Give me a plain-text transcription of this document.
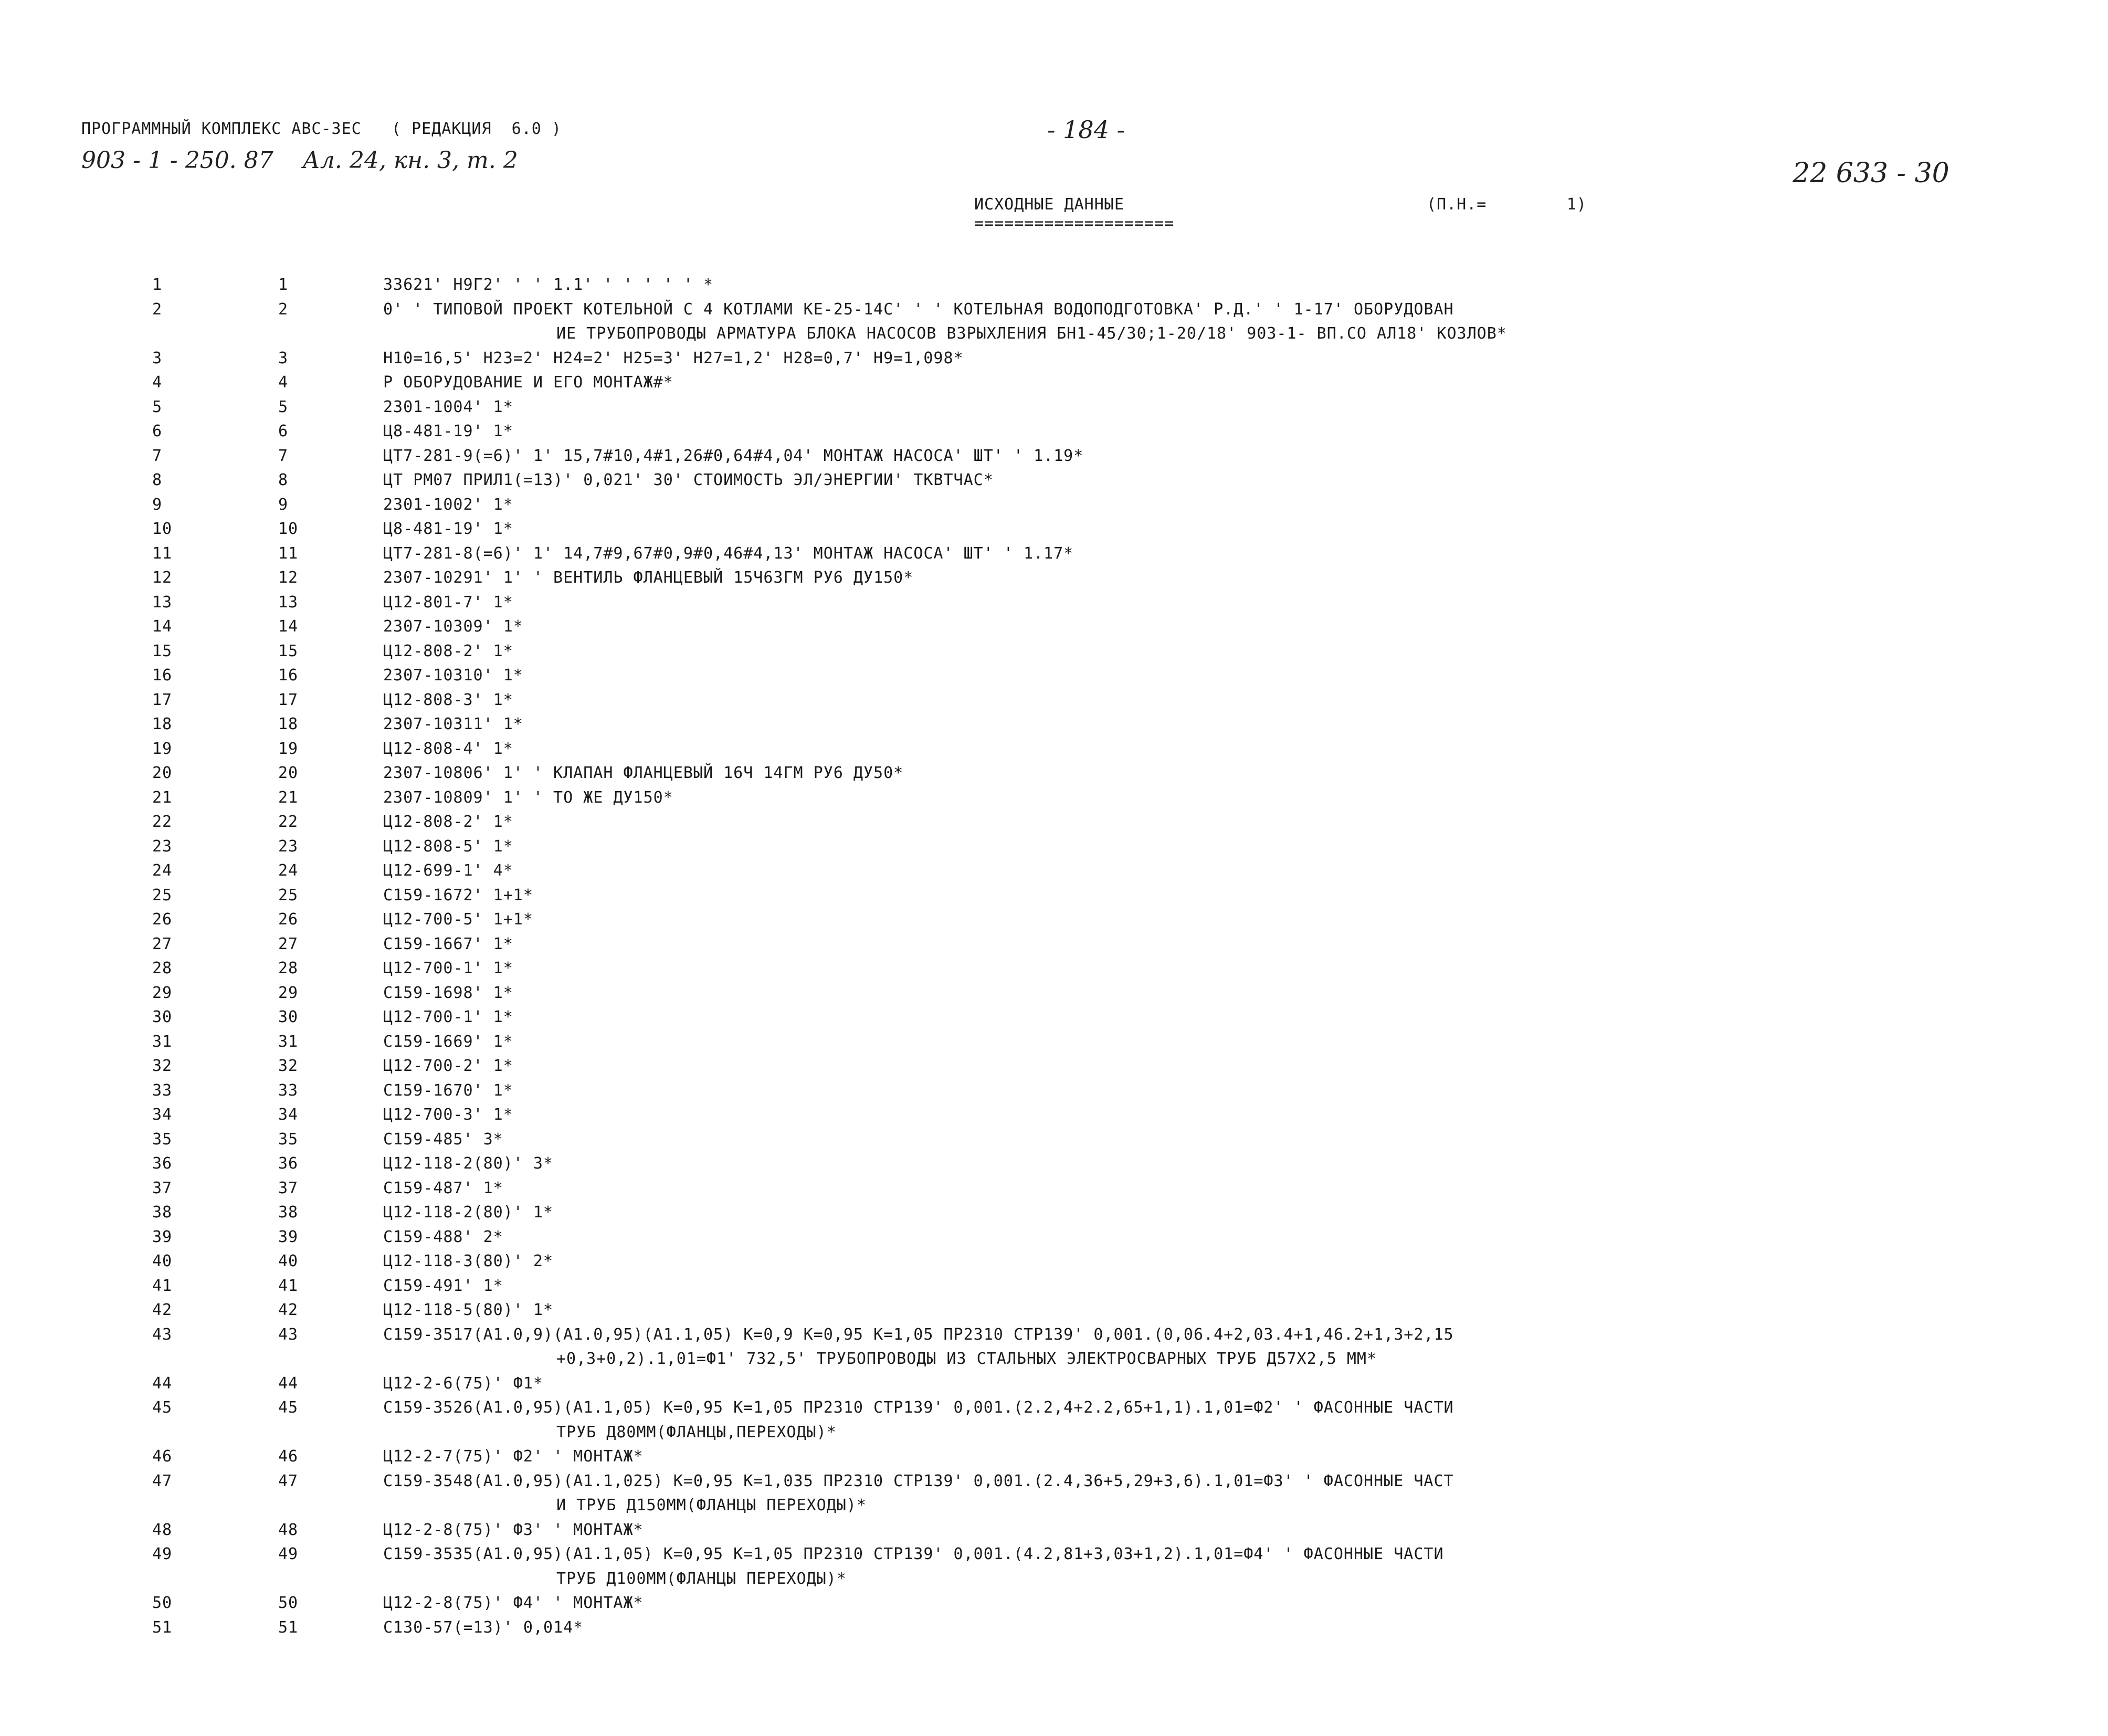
ПРОГРАММНЫЙ КОМПЛЕКС АВС-3ЕС   ( РЕДАКЦИЯ  6.0 )
903 - 1 - 250. 87    Ал. 24, кн. 3, т. 2
- 184 -
22 633 - 30
ИСХОДНЫЕ ДАННЫЕ
====================
(П.Н.=	1)
1	1	33621' Н9Г2' ' ' 1.1' ' ' ' ' ' *
2	2	0' ' ТИПОВОЙ ПРОЕКТ КОТЕЛЬНОЙ С 4 КОТЛАМИ КЕ-25-14С' ' ' КОТЕЛЬНАЯ ВОДОПОДГОТОВКА' Р.Д.' ' 1-17' ОБОРУДОВАН
ИЕ ТРУБОПРОВОДЫ АРМАТУРА БЛОКА НАСОСОВ ВЗРЫХЛЕНИЯ БН1-45/30;1-20/18' 903-1- ВП.СО АЛ18' КОЗЛОВ*
3	3	Н10=16,5' Н23=2' Н24=2' Н25=3' Н27=1,2' Н28=0,7' Н9=1,098*
4	4	Р ОБОРУДОВАНИЕ И ЕГО МОНТАЖ#*
5	5	2301-1004' 1*
6	6	Ц8-481-19' 1*
7	7	ЦТ7-281-9(=6)' 1' 15,7#10,4#1,26#0,64#4,04' МОНТАЖ НАСОСА' ШТ' ' 1.19*
8	8	ЦТ РМ07 ПРИЛ1(=13)' 0,021' 30' СТОИМОСТЬ ЭЛ/ЭНЕРГИИ' ТКВТЧАС*
9	9	2301-1002' 1*
10	10	Ц8-481-19' 1*
11	11	ЦТ7-281-8(=6)' 1' 14,7#9,67#0,9#0,46#4,13' МОНТАЖ НАСОСА' ШТ' ' 1.17*
12	12	2307-10291' 1' ' ВЕНТИЛЬ ФЛАНЦЕВЫЙ 15Ч63ГМ РУ6 ДУ150*
13	13	Ц12-801-7' 1*
14	14	2307-10309' 1*
15	15	Ц12-808-2' 1*
16	16	2307-10310' 1*
17	17	Ц12-808-3' 1*
18	18	2307-10311' 1*
19	19	Ц12-808-4' 1*
20	20	2307-10806' 1' ' КЛАПАН ФЛАНЦЕВЫЙ 16Ч 14ГМ РУ6 ДУ50*
21	21	2307-10809' 1' ' ТО ЖЕ ДУ150*
22	22	Ц12-808-2' 1*
23	23	Ц12-808-5' 1*
24	24	Ц12-699-1' 4*
25	25	С159-1672' 1+1*
26	26	Ц12-700-5' 1+1*
27	27	С159-1667' 1*
28	28	Ц12-700-1' 1*
29	29	С159-1698' 1*
30	30	Ц12-700-1' 1*
31	31	С159-1669' 1*
32	32	Ц12-700-2' 1*
33	33	С159-1670' 1*
34	34	Ц12-700-3' 1*
35	35	С159-485' 3*
36	36	Ц12-118-2(80)' 3*
37	37	С159-487' 1*
38	38	Ц12-118-2(80)' 1*
39	39	С159-488' 2*
40	40	Ц12-118-3(80)' 2*
41	41	С159-491' 1*
42	42	Ц12-118-5(80)' 1*
43	43	С159-3517(А1.0,9)(А1.0,95)(А1.1,05) К=0,9 К=0,95 К=1,05 ПР2310 СТР139' 0,001.(0,06.4+2,03.4+1,46.2+1,3+2,15
+0,3+0,2).1,01=Ф1' 732,5' ТРУБОПРОВОДЫ ИЗ СТАЛЬНЫХ ЭЛЕКТРОСВАРНЫХ ТРУБ Д57Х2,5 ММ*
44	44	Ц12-2-6(75)' Ф1*
45	45	С159-3526(А1.0,95)(А1.1,05) К=0,95 К=1,05 ПР2310 СТР139' 0,001.(2.2,4+2.2,65+1,1).1,01=Ф2' ' ФАСОННЫЕ ЧАСТИ
ТРУБ Д80ММ(ФЛАНЦЫ,ПЕРЕХОДЫ)*
46	46	Ц12-2-7(75)' Ф2' ' МОНТАЖ*
47	47	С159-3548(А1.0,95)(А1.1,025) К=0,95 К=1,035 ПР2310 СТР139' 0,001.(2.4,36+5,29+3,6).1,01=Ф3' ' ФАСОННЫЕ ЧАСТ
И ТРУБ Д150ММ(ФЛАНЦЫ ПЕРЕХОДЫ)*
48	48	Ц12-2-8(75)' Ф3' ' МОНТАЖ*
49	49	С159-3535(А1.0,95)(А1.1,05) К=0,95 К=1,05 ПР2310 СТР139' 0,001.(4.2,81+3,03+1,2).1,01=Ф4' ' ФАСОННЫЕ ЧАСТИ
ТРУБ Д100ММ(ФЛАНЦЫ ПЕРЕХОДЫ)*
50	50	Ц12-2-8(75)' Ф4' ' МОНТАЖ*
51	51	С130-57(=13)' 0,014*
